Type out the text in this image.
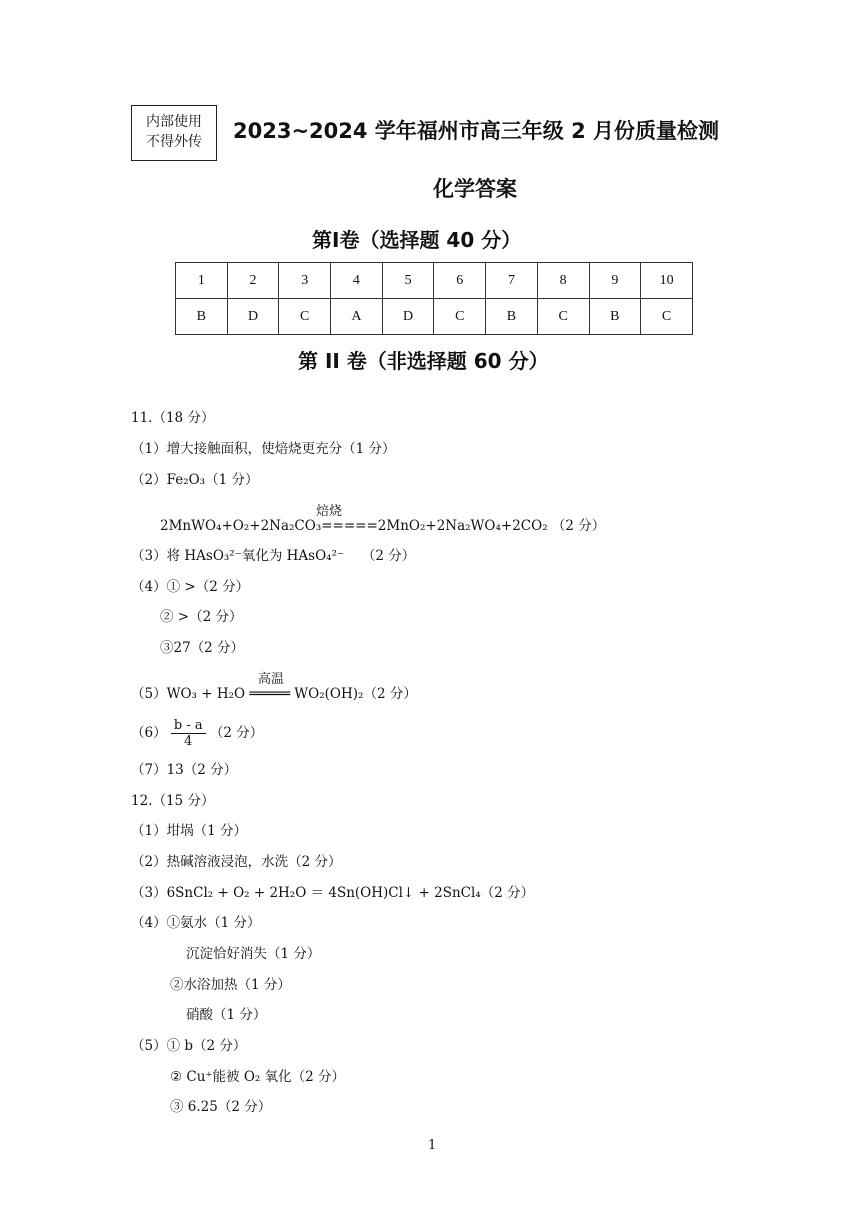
内部使用
不得外传	2023~2024 学年福州市高三年级 2 月份质量检测
化学答案
第Ⅰ卷（选择题 40 分）
1	2	3	4	5	6	7	8	9	10
B	D	C	A	D	C	B	C	B	C
第 II 卷（非选择题 60 分）
11.（18 分）
（1）增大接触面积，使焙烧更充分（1 分）
（2）Fe₂O₃（1 分）
焙烧
2MnWO₄+O₂+2Na₂CO₃=====2MnO₂+2Na₂WO₄+2CO₂ （2 分）
（3）将 HAsO₃²⁻氧化为 HAsO₄²⁻　 （2 分）
（4）① >（2 分）
② >（2 分）
③27（2 分）
高温
（5）WO₃ + H₂O ═════ WO₂(OH)₂（2 分）
$(6) \frac{b - a}{4} (2$ 分）
（7）13（2 分）
12.（15 分）
（1）坩埚（1 分）
（2）热碱溶液浸泡，水洗（2 分）
（3）6SnCl₂ + O₂ + 2H₂O ＝ 4Sn(OH)Cl↓ + 2SnCl₄（2 分）
（4）①氨水（1 分）
沉淀恰好消失（1 分）
②水浴加热（1 分）
硝酸（1 分）
（5）① b（2 分）
② Cu⁺能被 O₂ 氧化（2 分）
③ 6.25（2 分）
1
